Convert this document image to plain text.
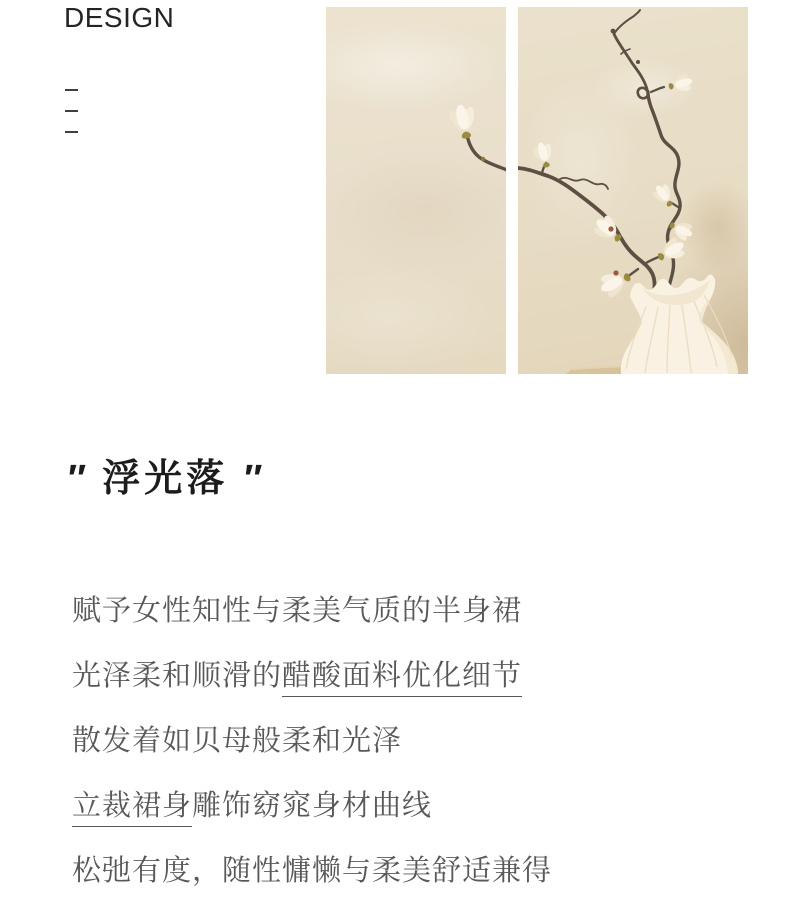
DESIGN
″ 浮光落 ″

赋予女性知性与柔美气质的半身裙

光泽柔和顺滑的醋酸面料优化细节

散发着如贝母般柔和光泽

立裁裙身雕饰窈窕身材曲线

松弛有度，随性慵懒与柔美舒适兼得
